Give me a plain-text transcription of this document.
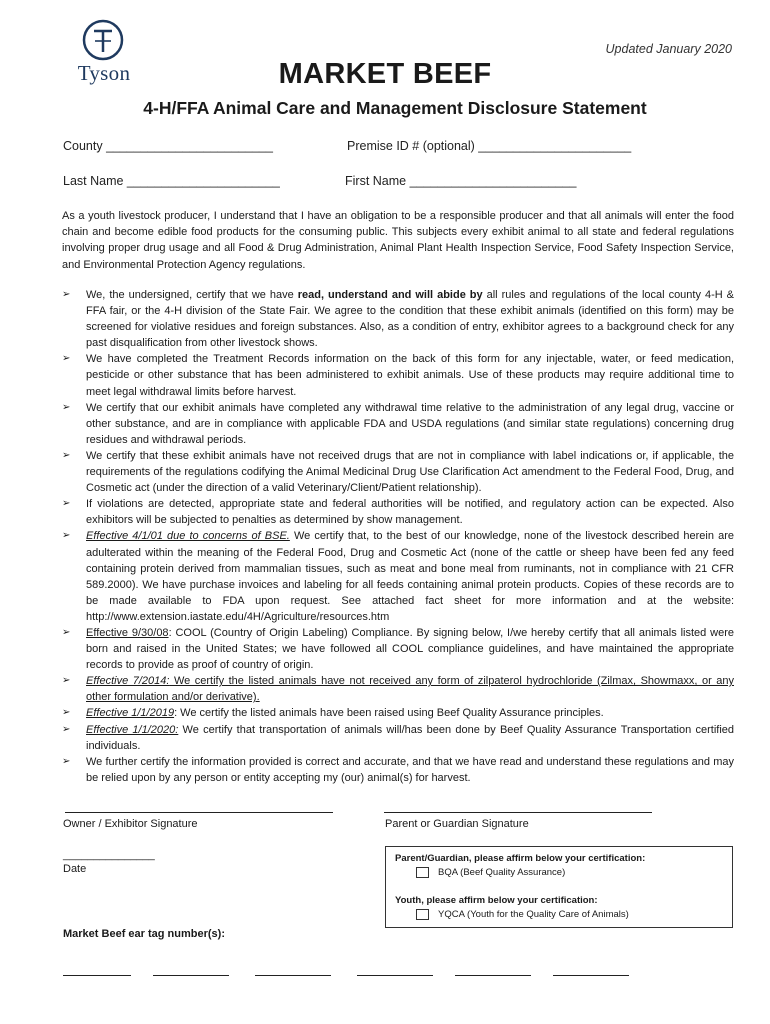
Tyson
Updated January 2020
MARKET BEEF
4-H/FFA Animal Care and Management Disclosure Statement
County ________________________	Premise ID # (optional) ______________________
Last Name ______________________	First Name ________________________
As a youth livestock producer, I understand that I have an obligation to be a responsible producer and that all animals will enter the food chain and become edible food products for the consuming public. This subjects every exhibit animal to all state and federal regulations involving proper drug usage and all Food & Drug Administration, Animal Plant Health Inspection Service, Food Safety Inspection Service, and Environmental Protection Agency regulations.
➢	We, the undersigned, certify that we have read, understand and will abide by all rules and regulations of the local county 4-H & FFA fair, or the 4-H division of the State Fair. We agree to the condition that these exhibit animals (identified on this form) may be screened for violative residues and foreign substances. Also, as a condition of entry, exhibitor agrees to a background check for any past disqualification from other livestock shows.
➢	We have completed the Treatment Records information on the back of this form for any injectable, water, or feed medication, pesticide or other substance that has been administered to exhibit animals. Use of these products may require additional time to meet legal withdrawal limits before harvest.
➢	We certify that our exhibit animals have completed any withdrawal time relative to the administration of any legal drug, vaccine or other substance, and are in compliance with applicable FDA and USDA regulations (and similar state regulations) concerning drug residues and withdrawal periods.
➢	We certify that these exhibit animals have not received drugs that are not in compliance with label indications or, if applicable, the requirements of the regulations codifying the Animal Medicinal Drug Use Clarification Act amendment to the Federal Food, Drug, and Cosmetic act (under the direction of a valid Veterinary/Client/Patient relationship).
➢	If violations are detected, appropriate state and federal authorities will be notified, and regulatory action can be expected. Also exhibitors will be subjected to penalties as determined by show management.
➢	Effective 4/1/01 due to concerns of BSE. We certify that, to the best of our knowledge, none of the livestock described herein are adulterated within the meaning of the Federal Food, Drug and Cosmetic Act (none of the cattle or sheep have been fed any feed containing protein derived from mammalian tissues, such as meat and bone meal from ruminants, not in compliance with 21 CFR 589.2000). We have purchase invoices and labeling for all feeds containing animal protein products. Copies of these records are to be made available to FDA upon request. See attached fact sheet for more information and at the website: http://www.extension.iastate.edu/4H/Agriculture/resources.htm
➢	Effective 9/30/08: COOL (Country of Origin Labeling) Compliance. By signing below, I/we hereby certify that all animals listed were born and raised in the United States; we have followed all COOL compliance guidelines, and have maintained the appropriate records to provide as proof of country of origin.
➢	Effective 7/2014: We certify the listed animals have not received any form of zilpaterol hydrochloride (Zilmax, Showmaxx, or any other formulation and/or derivative).
➢	Effective 1/1/2019: We certify the listed animals have been raised using Beef Quality Assurance principles.
➢	Effective 1/1/2020: We certify that transportation of animals will/has been done by Beef Quality Assurance Transportation certified individuals.
➢	We further certify the information provided is correct and accurate, and that we have read and understand these regulations and may be relied upon by any person or entity accepting my (our) animal(s) for harvest.
Owner / Exhibitor Signature	Parent or Guardian Signature
_______________
Date
Parent/Guardian, please affirm below your certification:
BQA (Beef Quality Assurance)
Youth, please affirm below your certification:
YQCA (Youth for the Quality Care of Animals)
Market Beef ear tag number(s):
